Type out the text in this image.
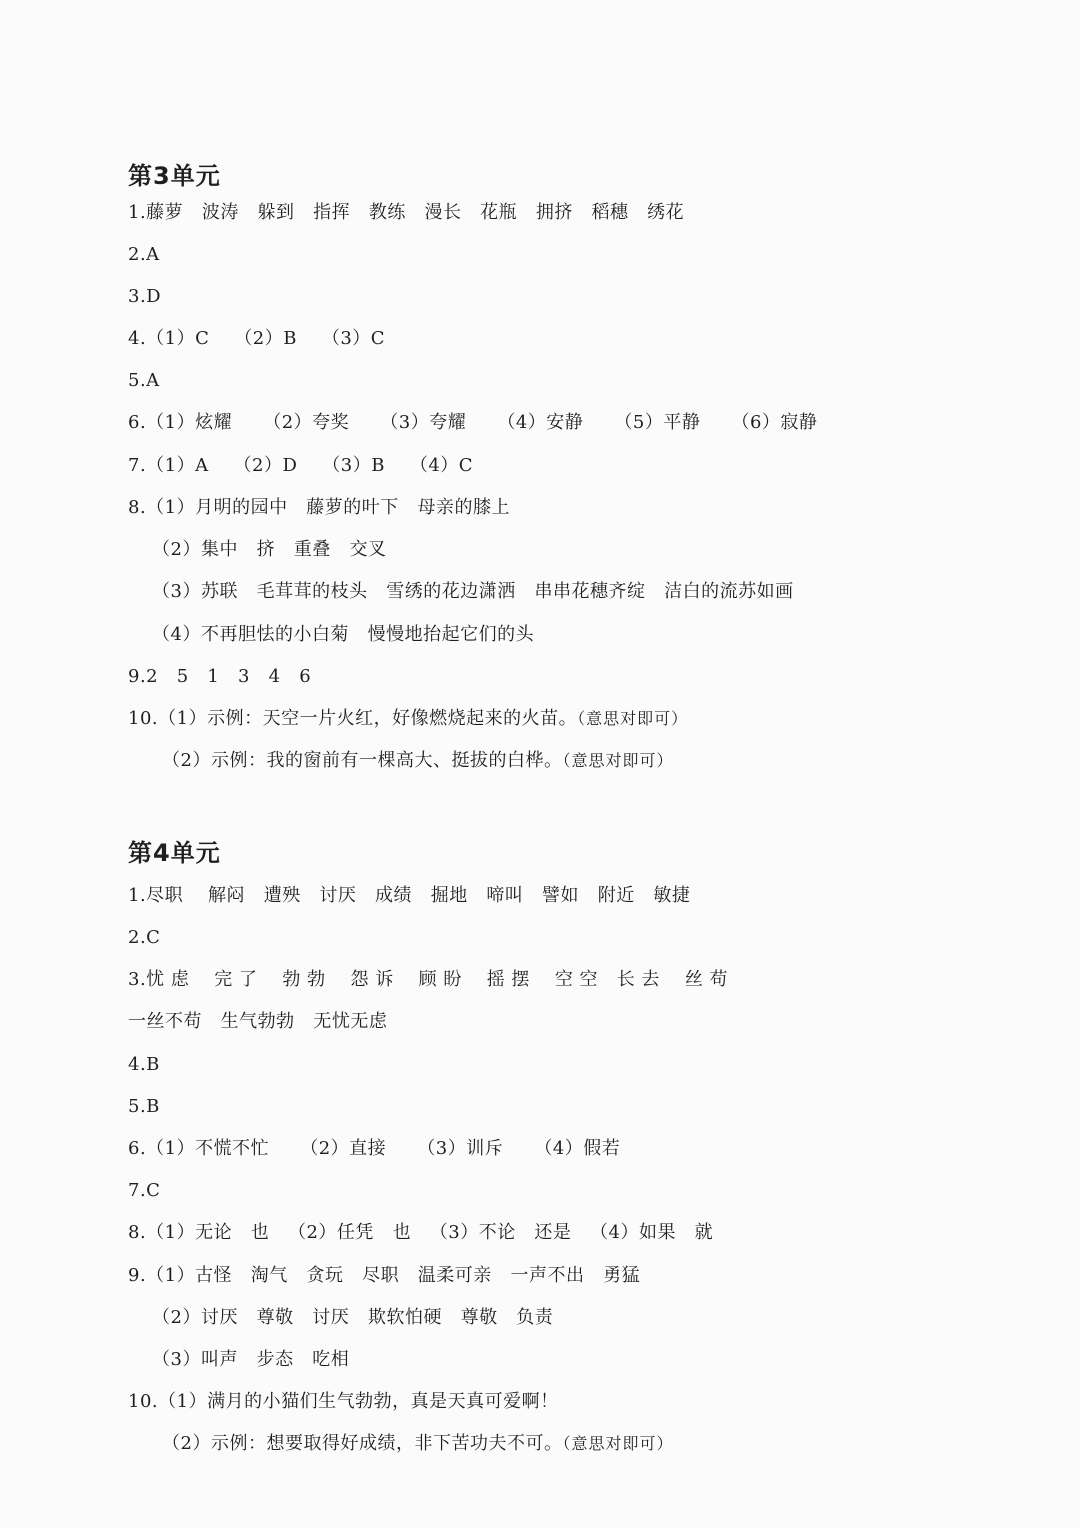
第3单元
1.藤萝   波涛   躲到   指挥   教练   漫长   花瓶   拥挤   稻穗   绣花
2.A
3.D
4.（1）C    （2）B    （3）C
5.A
6.（1）炫耀     （2）夸奖     （3）夸耀     （4）安静     （5）平静     （6）寂静
7.（1）A    （2）D    （3）B    （4）C
8.（1）月明的园中   藤萝的叶下   母亲的膝上
（2）集中   挤   重叠   交叉
（3）苏联   毛茸茸的枝头   雪绣的花边潇洒   串串花穗齐绽   洁白的流苏如画
（4）不再胆怯的小白菊   慢慢地抬起它们的头
9.2   5   1   3   4   6
10.（1）示例：天空一片火红，好像燃烧起来的火苗。（意思对即可）
（2）示例：我的窗前有一棵高大、挺拔的白桦。（意思对即可）
第4单元
1.尽职    解闷   遭殃   讨厌   成绩   掘地   啼叫   譬如   附近   敏捷
2.C
3.忧 虑    完 了    勃 勃    怨 诉    顾 盼    摇 摆    空 空   长 去    丝 苟
一丝不苟   生气勃勃   无忧无虑
4.B
5.B
6.（1）不慌不忙     （2）直接     （3）训斥     （4）假若
7.C
8.（1）无论   也   （2）任凭   也   （3）不论   还是   （4）如果   就
9.（1）古怪   淘气   贪玩   尽职   温柔可亲   一声不出   勇猛
（2）讨厌   尊敬   讨厌   欺软怕硬   尊敬   负责
（3）叫声   步态   吃相
10.（1）满月的小猫们生气勃勃，真是天真可爱啊！
（2）示例：想要取得好成绩，非下苦功夫不可。（意思对即可）
